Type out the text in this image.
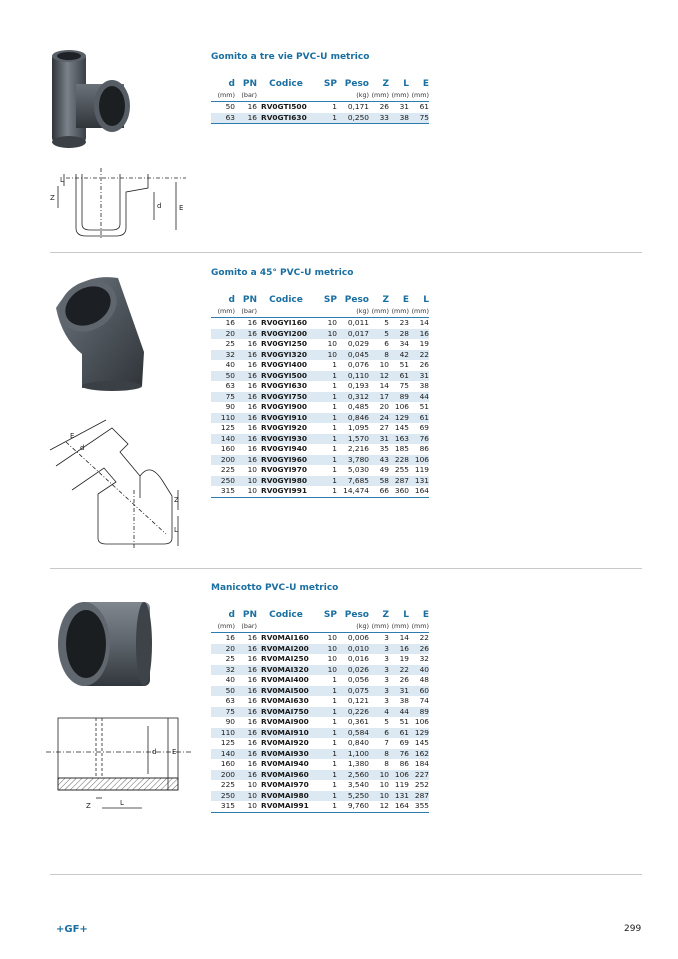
Gomito a tre vie PVC-U metrico
d	PN	Codice	SP	Peso	Z	L	E
(mm)	(bar)			(kg)	(mm)	(mm)	(mm)
50	16	RV0GTI500	1	0,171	26	31	61
63	16	RV0GTI630	1	0,250	33	38	75
L
Z
d	E
Gomito a 45° PVC-U metrico
d	PN	Codice	SP	Peso	Z	E	L
(mm)	(bar)			(kg)	(mm)	(mm)	(mm)
16	16	RV0GYI160	10	0,011	5	23	14
20	16	RV0GYI200	10	0,017	5	28	16
25	16	RV0GYI250	10	0,029	6	34	19
32	16	RV0GYI320	10	0,045	8	42	22
40	16	RV0GYI400	1	0,076	10	51	26
50	16	RV0GYI500	1	0,110	12	61	31
63	16	RV0GYI630	1	0,193	14	75	38
75	16	RV0GYI750	1	0,312	17	89	44
90	16	RV0GYI900	1	0,485	20	106	51
110	16	RV0GYI910	1	0,846	24	129	61
125	16	RV0GYI920	1	1,095	27	145	69
140	16	RV0GYI930	1	1,570	31	163	76
160	16	RV0GYI940	1	2,216	35	185	86
200	16	RV0GYI960	1	3,780	43	228	106
225	10	RV0GYI970	1	5,030	49	255	119
250	10	RV0GYI980	1	7,685	58	287	131
315	10	RV0GYI991	1	14,474	66	360	164
E
d
Z
L
Manicotto PVC-U metrico
d	PN	Codice	SP	Peso	Z	L	E
(mm)	(bar)			(kg)	(mm)	(mm)	(mm)
16	16	RV0MAI160	10	0,006	3	14	22
20	16	RV0MAI200	10	0,010	3	16	26
25	16	RV0MAI250	10	0,016	3	19	32
32	16	RV0MAI320	10	0,026	3	22	40
40	16	RV0MAI400	1	0,056	3	26	48
50	16	RV0MAI500	1	0,075	3	31	60
63	16	RV0MAI630	1	0,121	3	38	74
75	16	RV0MAI750	1	0,226	4	44	89
90	16	RV0MAI900	1	0,361	5	51	106
110	16	RV0MAI910	1	0,584	6	61	129
125	16	RV0MAI920	1	0,840	7	69	145
140	16	RV0MAI930	1	1,100	8	76	162
160	16	RV0MAI940	1	1,380	8	86	184
200	16	RV0MAI960	1	2,560	10	106	227
225	10	RV0MAI970	1	3,540	10	119	252
250	10	RV0MAI980	1	5,250	10	131	287
315	10	RV0MAI991	1	9,760	12	164	355
d E
Z	L
+GF+	299
